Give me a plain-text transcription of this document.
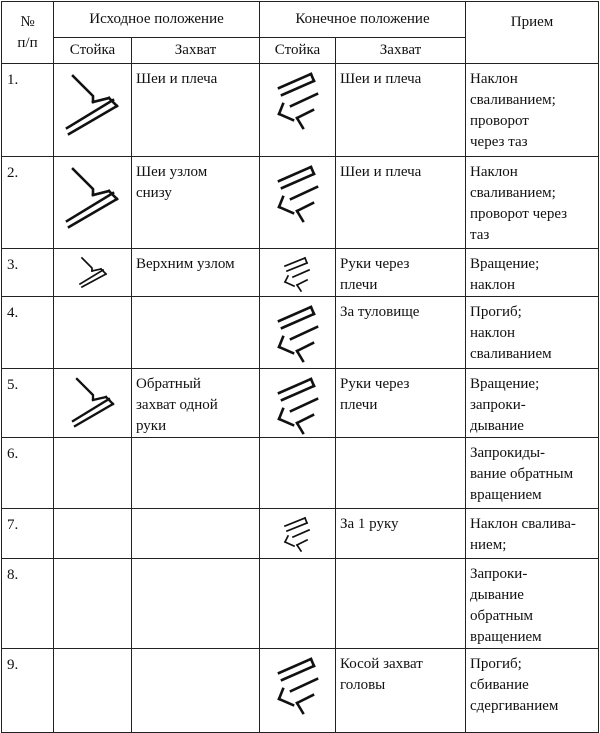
№
п/п	Исходное положение		Конечное положение		Прием
	Стойка	Захват	Стойка	Захват	
1.		Шеи и плеча		Шеи и плеча	Наклон
сваливанием;
проворот
через таз
2.		Шеи узлом
снизу		Шеи и плеча	Наклон
сваливанием;
проворот через
таз
3.		Верхним узлом		Руки через
плечи	Вращение;
наклон
4.				За туловище	Прогиб;
наклон
сваливанием
5.		Обратный
захват одной
руки		Руки через
плечи	Вращение;
запроки-
дывание
6.					Запрокиды-
вание обратным
вращением
7.				За 1 руку	Наклон свалива-
нием;
8.					Запроки-
дывание
обратным
вращением
9.				Косой захват
головы	Прогиб;
сбивание
сдергиванием
